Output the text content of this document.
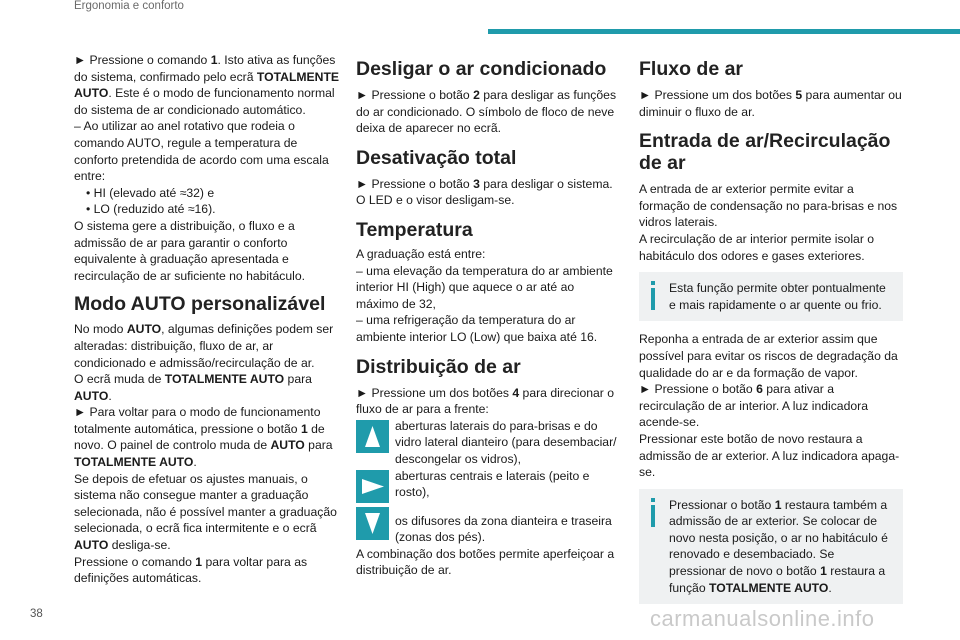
Ergonomia e conforto

► Pressione o comando 1. Isto ativa as funções do sistema, confirmado pelo ecrã TOTALMENTE AUTO. Este é o modo de funcionamento normal do sistema de ar condicionado automático.

– Ao utilizar ao anel rotativo que rodeia o comando AUTO, regule a temperatura de conforto pretendida de acordo com uma escala entre:

• HI (elevado até ≈32) e

• LO (reduzido até ≈16).

O sistema gere a distribuição, o fluxo e a admissão de ar para garantir o conforto equivalente à graduação apresentada e recirculação de ar suficiente no habitáculo.

Modo AUTO personalizável

No modo AUTO, algumas definições podem ser alteradas: distribuição, fluxo de ar, ar condicionado e admissão/recirculação de ar.

O ecrã muda de TOTALMENTE AUTO para AUTO.

► Para voltar para o modo de funcionamento totalmente automática, pressione o botão 1 de novo. O painel de controlo muda de AUTO para TOTALMENTE AUTO.

Se depois de efetuar os ajustes manuais, o sistema não consegue manter a graduação selecionada, não é possível manter a graduação selecionada, o ecrã fica intermitente e o ecrã AUTO desliga-se.

Pressione o comando 1 para voltar para as definições automáticas.

Desligar o ar condicionado

► Pressione o botão 2 para desligar as funções do ar condicionado. O símbolo de floco de neve deixa de aparecer no ecrã.

Desativação total

► Pressione o botão 3 para desligar o sistema. O LED e o visor desligam-se.

Temperatura

A graduação está entre:

– uma elevação da temperatura do ar ambiente interior HI (High) que aquece o ar até ao máximo de 32,

– uma refrigeração da temperatura do ar ambiente interior LO (Low) que baixa até 16.

Distribuição de ar

► Pressione um dos botões 4 para direcionar o fluxo de ar para a frente:

aberturas laterais do para-brisas e do vidro lateral dianteiro (para desembaciar/ descongelar os vidros),
aberturas centrais e laterais (peito e rosto),
os difusores da zona dianteira e traseira (zonas dos pés).

A combinação dos botões permite aperfeiçoar a distribuição de ar.

Fluxo de ar

► Pressione um dos botões 5 para aumentar ou diminuir o fluxo de ar.

Entrada de ar/Recirculação de ar

A entrada de ar exterior permite evitar a formação de condensação no para-brisas e nos vidros laterais.

A recirculação de ar interior permite isolar o habitáculo dos odores e gases exteriores.

Esta função permite obter pontualmente e mais rapidamente o ar quente ou frio.

Reponha a entrada de ar exterior assim que possível para evitar os riscos de degradação da qualidade do ar e da formação de vapor.

► Pressione o botão 6 para ativar a recirculação de ar interior. A luz indicadora acende-se.

Pressionar este botão de novo restaura a admissão de ar exterior. A luz indicadora apaga-se.

Pressionar o botão 1 restaura também a admissão de ar exterior. Se colocar de novo nesta posição, o ar no habitáculo é renovado e desembaciado. Se pressionar de novo o botão 1 restaura a função TOTALMENTE AUTO.
38	carmanualsonline.info
